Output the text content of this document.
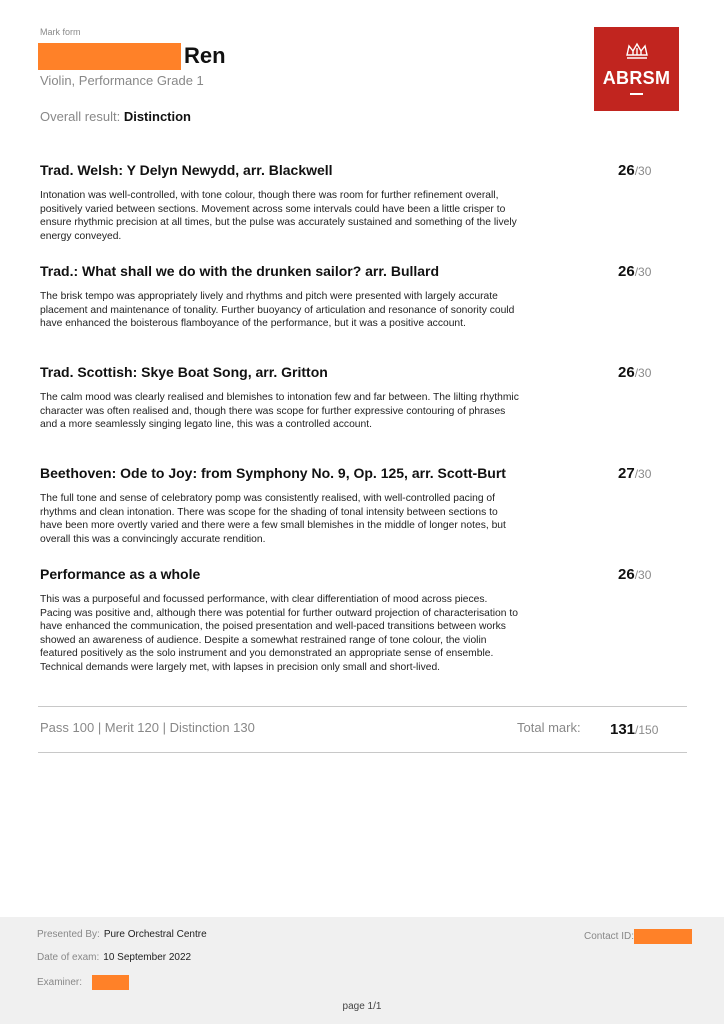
Mark form
Ren
Violin, Performance Grade 1
Overall result: Distinction
ABRSM
Trad. Welsh: Y Delyn Newydd, arr. Blackwell	26/30
Intonation was well-controlled, with tone colour, though there was room for further refinement overall, positively varied between sections. Movement across some intervals could have been a little crisper to ensure rhythmic precision at all times, but the pulse was accurately sustained and something of the lively energy conveyed.
Trad.: What shall we do with the drunken sailor? arr. Bullard	26/30
The brisk tempo was appropriately lively and rhythms and pitch were presented with largely accurate placement and maintenance of tonality. Further buoyancy of articulation and resonance of sonority could have enhanced the boisterous flamboyance of the performance, but it was a positive account.
Trad. Scottish: Skye Boat Song, arr. Gritton	26/30
The calm mood was clearly realised and blemishes to intonation few and far between. The lilting rhythmic character was often realised and, though there was scope for further expressive contouring of phrases and a more seamlessly singing legato line, this was a controlled account.
Beethoven: Ode to Joy: from Symphony No. 9, Op. 125, arr. Scott-Burt	27/30
The full tone and sense of celebratory pomp was consistently realised, with well-controlled pacing of rhythms and clean intonation. There was scope for the shading of tonal intensity between sections to have been more overtly varied and there were a few small blemishes in the middle of longer notes, but overall this was a convincingly accurate rendition.
Performance as a whole	26/30
This was a purposeful and focussed performance, with clear differentiation of mood across pieces. Pacing was positive and, although there was potential for further outward projection of characterisation to have enhanced the communication, the poised presentation and well-paced transitions between works showed an awareness of audience. Despite a somewhat restrained range of tone colour, the violin featured positively as the solo instrument and you demonstrated an appropriate sense of ensemble. Technical demands were largely met, with lapses in precision only small and short-lived.
Pass 100 | Merit 120 | Distinction 130	Total mark: 131/150
Presented By: Pure Orchestral Centre
Date of exam: 10 September 2022
Examiner:
Contact ID:
page 1/1
